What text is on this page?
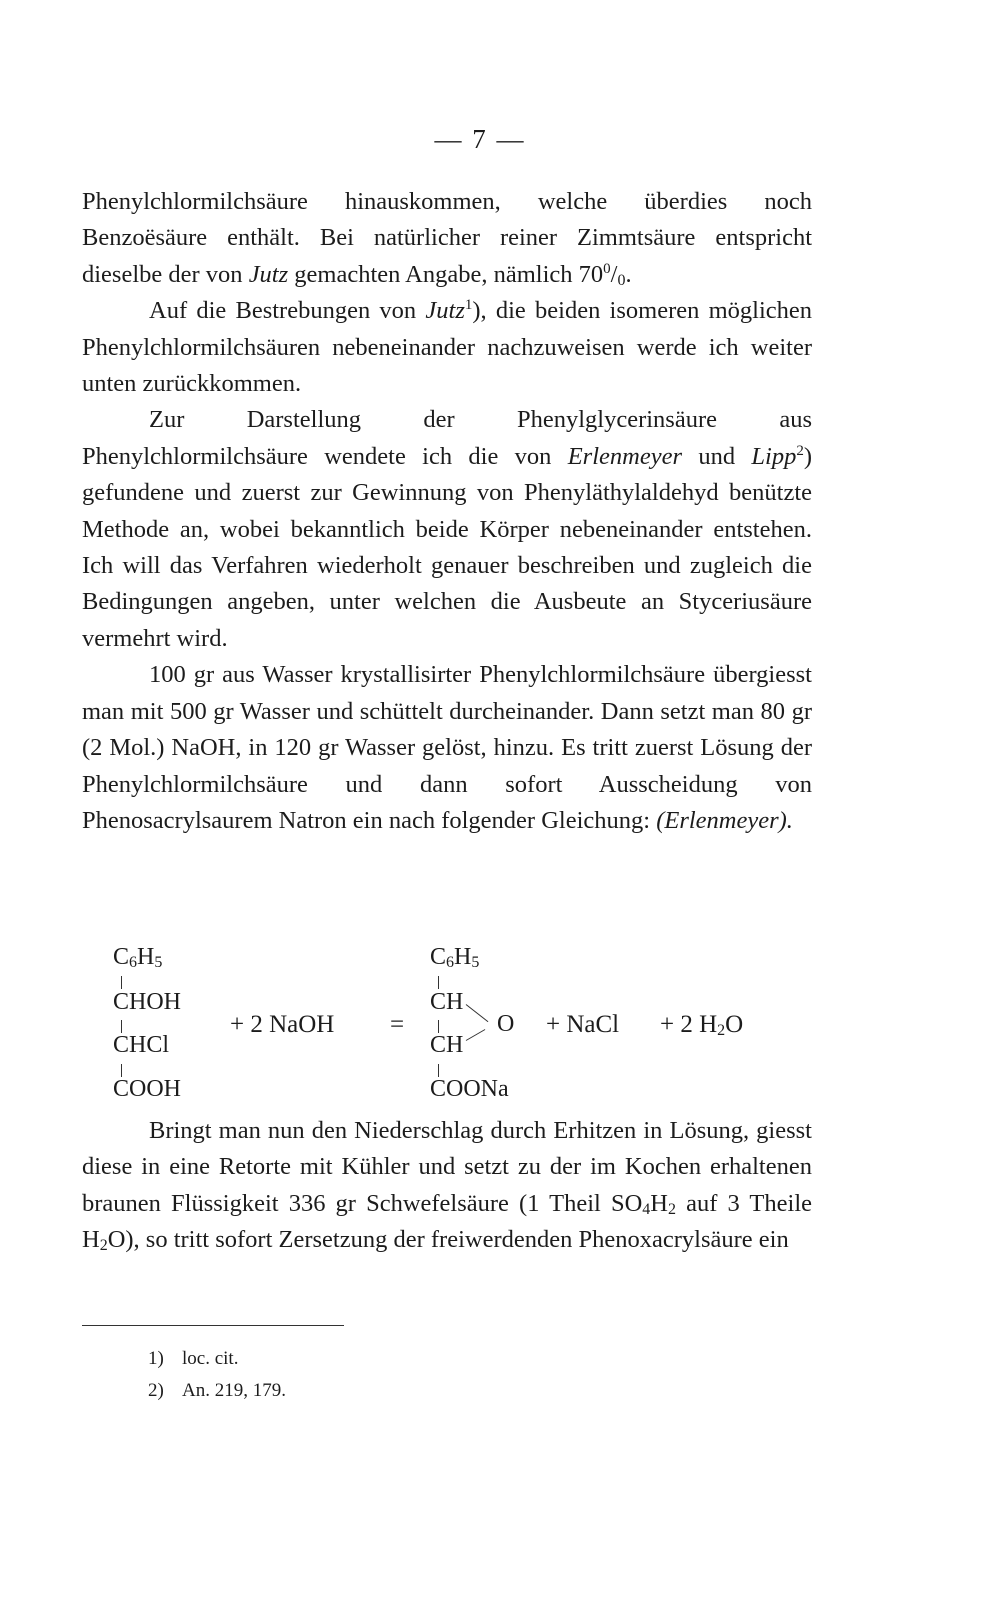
— 7 —

Phenylchlormilchsäure hinauskommen, welche überdies noch Benzoësäure enthält. Bei natürlicher reiner Zimmtsäure entspricht dieselbe der von Jutz gemachten Angabe, nämlich $70^0/_0$.

Auf die Bestrebungen von Jutz$^1$), die beiden isomeren möglichen Phenylchlormilchsäuren nebeneinander nachzuweisen werde ich weiter unten zurückkommen.

Zur Darstellung der Phenylglycerinsäure aus Phenylchlormilchsäure wendete ich die von Erlenmeyer und Lipp$^2$) gefundene und zuerst zur Gewinnung von Phenyläthylaldehyd benützte Methode an, wobei bekanntlich beide Körper nebeneinander entstehen. Ich will das Verfahren wiederholt genauer beschreiben und zugleich die Bedingungen angeben, unter welchen die Ausbeute an Styceriusäure vermehrt wird.

100 gr aus Wasser krystallisirter Phenylchlormilchsäure übergiesst man mit 500 gr Wasser und schüttelt durcheinander. Dann setzt man 80 gr (2 Mol.) NaOH, in 120 gr Wasser gelöst, hinzu. Es tritt zuerst Lösung der Phenylchlormilchsäure und dann sofort Ausscheidung von Phenosacrylsaurem Natron ein nach folgender Gleichung: (Erlenmeyer).

$C_6H_5$
CHOH
CHCl
COOH
+ 2 NaOH =
$C_6H_5$
CH
O
CH
COONa
+ NaCl + 2 $H_2O$

Bringt man nun den Niederschlag durch Erhitzen in Lösung, giesst diese in eine Retorte mit Kühler und setzt zu der im Kochen erhaltenen braunen Flüssigkeit 336 gr Schwefelsäure (1 Theil $SO_4H_2$ auf 3 Theile $H_2O$), so tritt sofort Zersetzung der freiwerdenden Phenoxacrylsäure ein

1) loc. cit.
2) An. 219, 179.
